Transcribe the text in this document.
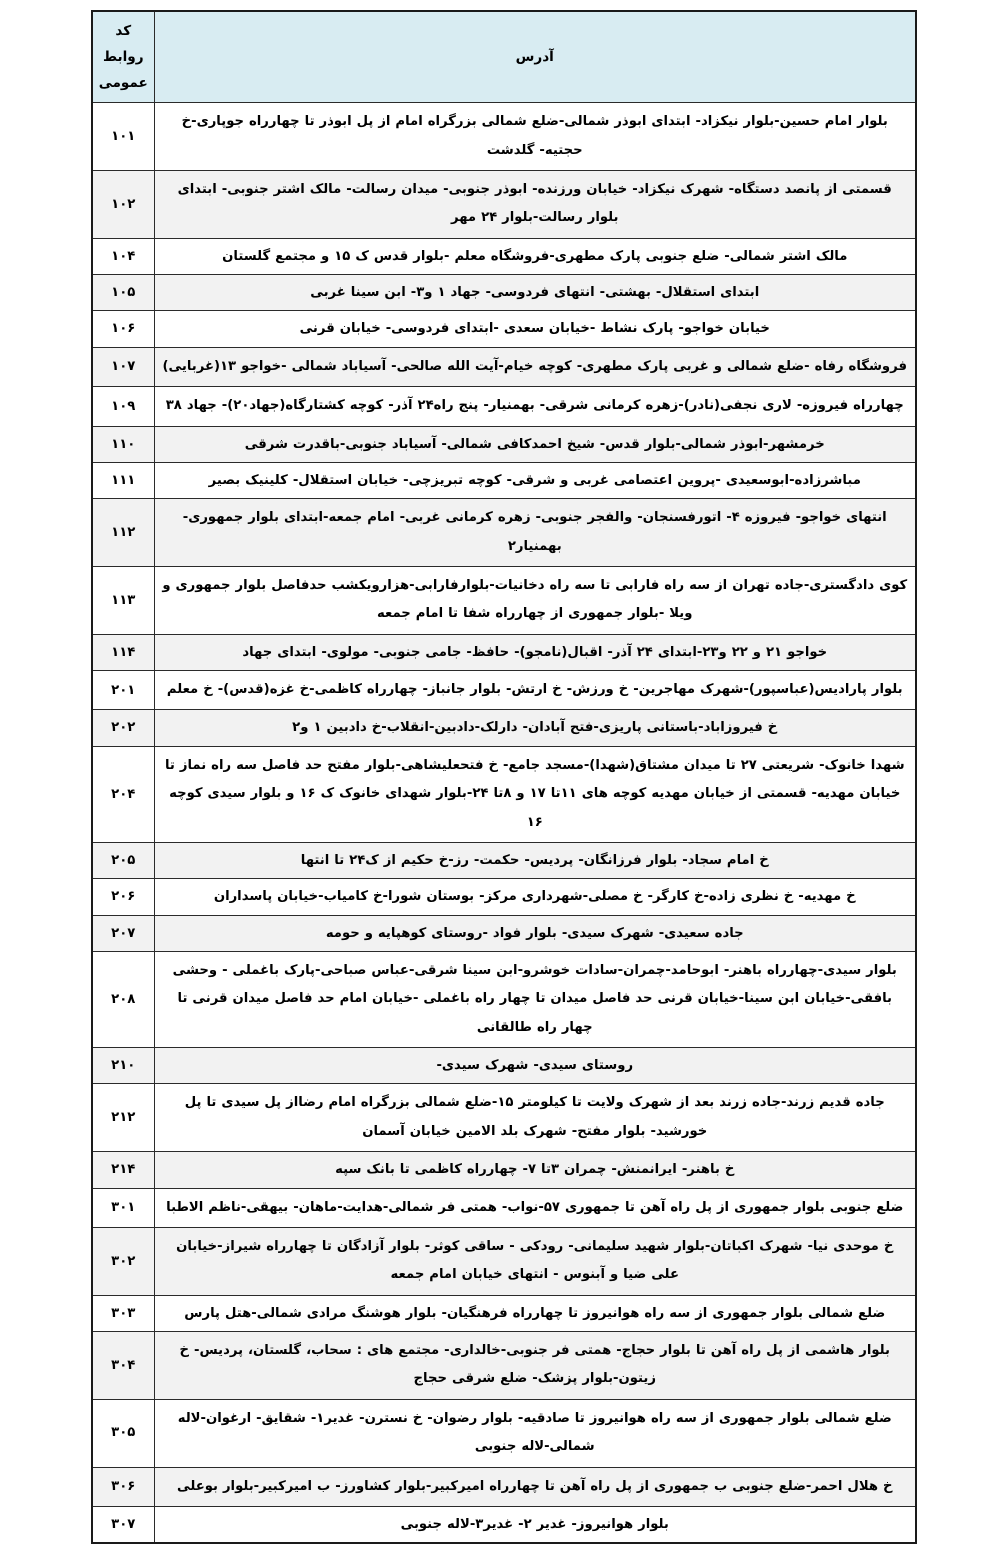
آدرس	کد روابط عمومی
بلوار امام حسین-بلوار نیکزاد- ابتدای ابوذر شمالی-ضلع شمالی بزرگراه امام از پل ابوذر تا چهارراه جوپاری-خ حجتیه- گلدشت	۱۰۱
قسمتی از پانصد دستگاه- شهرک نیکزاد- خیابان ورزنده- ابوذر جنوبی- میدان رسالت- مالک اشتر جنوبی- ابتدای بلوار رسالت-بلوار ۲۴ مهر	۱۰۲
مالک اشتر شمالی- ضلع جنوبی پارک مطهری-فروشگاه معلم -بلوار قدس ک ۱۵ و مجتمع گلستان	۱۰۴
ابتدای استقلال- بهشتی- انتهای فردوسی- جهاد ۱ و۳- ابن سینا غربی	۱۰۵
خیابان خواجو- پارک نشاط -خیابان سعدی -ابتدای فردوسی- خیابان قرنی	۱۰۶
فروشگاه رفاه -ضلع شمالی و غربی پارک مطهری- کوچه خیام-آیت الله صالحی- آسیاباد شمالی -خواجو ۱۳(غربایی)	۱۰۷
چهارراه فیروزه- لاری نجفی(نادر)-زهره کرمانی شرقی- بهمنیار- پنج راه۲۴ آذر- کوچه کشتارگاه(جهاد۲۰)- جهاد ۳۸	۱۰۹
خرمشهر-ابوذر شمالی-بلوار قدس- شیخ احمدکافی شمالی- آسیاباد جنوبی-باقدرت شرقی	۱۱۰
مباشرزاده-ابوسعیدی -پروین اعتصامی غربی و شرقی- کوچه تبریزچی- خیابان استقلال- کلینیک بصیر	۱۱۱
انتهای خواجو- فیروزه ۴- اتورفسنجان- والفجر جنوبی- زهره کرمانی غربی- امام جمعه-ابتدای بلوار جمهوری-بهمنیار۲	۱۱۲
کوی دادگستری-جاده تهران از سه راه فارابی تا سه راه دخانیات-بلوارفارابی-هزارویکشب حدفاصل بلوار جمهوری و ویلا -بلوار جمهوری از چهارراه شفا تا امام جمعه	۱۱۳
خواجو ۲۱ و ۲۲ و۲۳-ابتدای ۲۴ آذر- اقبال(نامجو)- حافظ- جامی جنوبی- مولوی- ابتدای جهاد	۱۱۴
بلوار پارادیس(عباسپور)-شهرک مهاجرین- خ ورزش- خ ارتش- بلوار جانباز- چهارراه کاظمی-خ غزه(قدس)- خ معلم	۲۰۱
خ فیروزاباد-باستانی پاریزی-فتح آبادان- دارلک-دادبین-انقلاب-خ دادبین ۱ و۲	۲۰۲
شهدا خانوک- شریعتی ۲۷ تا میدان مشتاق(شهدا)-مسجد جامع- خ فتحعلیشاهی-بلوار مفتح حد فاصل سه راه نماز تا خیابان مهدیه- قسمتی از خیابان مهدیه کوچه های ۱۱تا ۱۷ و ۸تا ۲۴-بلوار شهدای خانوک ک ۱۶ و بلوار سیدی کوچه ۱۶	۲۰۴
خ امام سجاد- بلوار فرزانگان- پردیس- حکمت- رز-خ حکیم از ک۲۴ تا انتها	۲۰۵
خ مهدیه- خ نظری زاده-خ کارگر- خ مصلی-شهرداری مرکز- بوستان شورا-خ کامیاب-خیابان پاسداران	۲۰۶
جاده سعیدی- شهرک سیدی- بلوار فواد -روستای کوهپایه و حومه	۲۰۷
بلوار سیدی-چهارراه باهنر- ابوحامد-چمران-سادات خوشرو-ابن سینا شرقی-عباس صباحی-پارک باغملی - وحشی بافقی-خیابان ابن سینا-خیابان قرنی حد فاصل میدان تا چهار راه باغملی -خیابان امام حد فاصل میدان قرنی تا چهار راه طالقانی	۲۰۸
روستای سیدی- شهرک سیدی-	۲۱۰
جاده قدیم زرند-جاده زرند بعد از شهرک ولایت تا کیلومتر ۱۵-ضلع شمالی بزرگراه امام رضااز پل سیدی تا پل خورشید- بلوار مفتح- شهرک بلد الامین خیابان آسمان	۲۱۲
خ باهنر- ایرانمنش- چمران ۳تا ۷- چهارراه کاظمی تا بانک سپه	۲۱۴
ضلع جنوبی بلوار جمهوری از پل راه آهن تا جمهوری ۵۷-نواب- همتی فر شمالی-هدایت-ماهان- بیهقی-ناظم الاطبا	۳۰۱
خ موحدی نیا- شهرک اکباتان-بلوار شهید سلیمانی- رودکی - ساقی کوثر- بلوار آزادگان تا چهارراه شیراز-خیابان علی ضیا و آبنوس - انتهای خیابان امام جمعه	۳۰۲
ضلع شمالی بلوار جمهوری از سه راه هوانیروز تا چهارراه فرهنگیان- بلوار هوشنگ مرادی شمالی-هتل پارس	۳۰۳
بلوار هاشمی از پل راه آهن تا بلوار حجاج- همتی فر جنوبی-خالداری- مجتمع های : سحاب، گلستان، پردیس- خ زیتون-بلوار پزشک- ضلع شرقی حجاج	۳۰۴
ضلع شمالی بلوار جمهوری از سه راه هوانیروز تا صادقیه- بلوار رضوان- خ نسترن- غدیر۱- شقایق- ارغوان-لاله شمالی-لاله جنوبی	۳۰۵
خ هلال احمر-ضلع جنوبی ب جمهوری از پل راه آهن تا چهارراه امیرکبیر-بلوار کشاورز- ب امیرکبیر-بلوار بوعلی	۳۰۶
بلوار هوانیروز- غدیر ۲- غدیر۳-لاله جنوبی	۳۰۷
